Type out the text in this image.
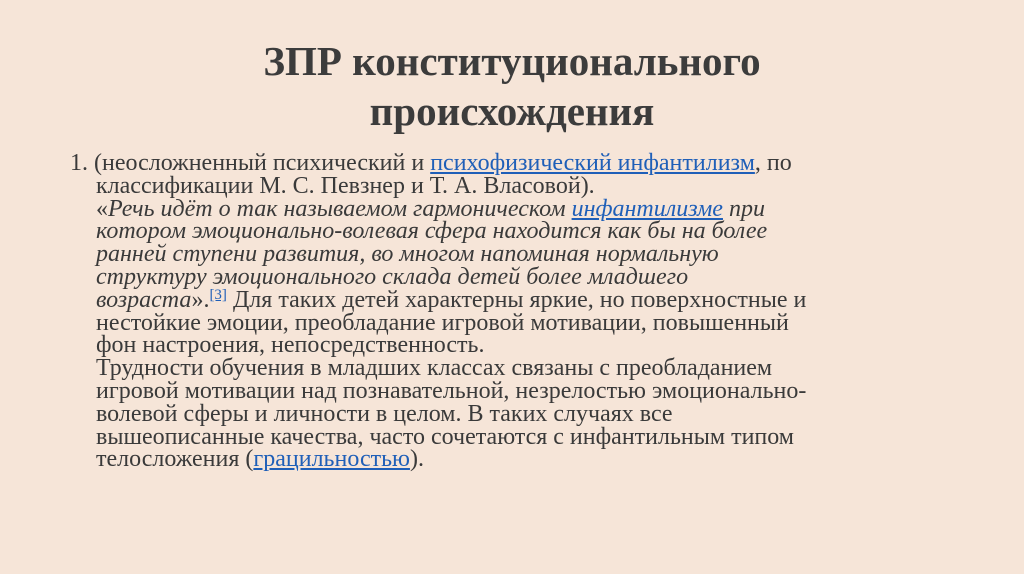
ЗПР конституционального
происхождения
1. (неосложненный психический и психофизический инфантилизм, по
классификации М. С. Певзнер и Т. А. Власовой).
«Речь идёт о так называемом гармоническом инфантилизме при
котором эмоционально-волевая сфера находится как бы на более
ранней ступени развития, во многом напоминая нормальную
структуру эмоционального склада детей более младшего
возраста».[3] Для таких детей характерны яркие, но поверхностные и
нестойкие эмоции, преобладание игровой мотивации, повышенный
фон настроения, непосредственность.
Трудности обучения в младших классах связаны с преобладанием
игровой мотивации над познавательной, незрелостью эмоционально-
волевой сферы и личности в целом. В таких случаях все
вышеописанные качества, часто сочетаются с инфантильным типом
телосложения (грацильностью).
